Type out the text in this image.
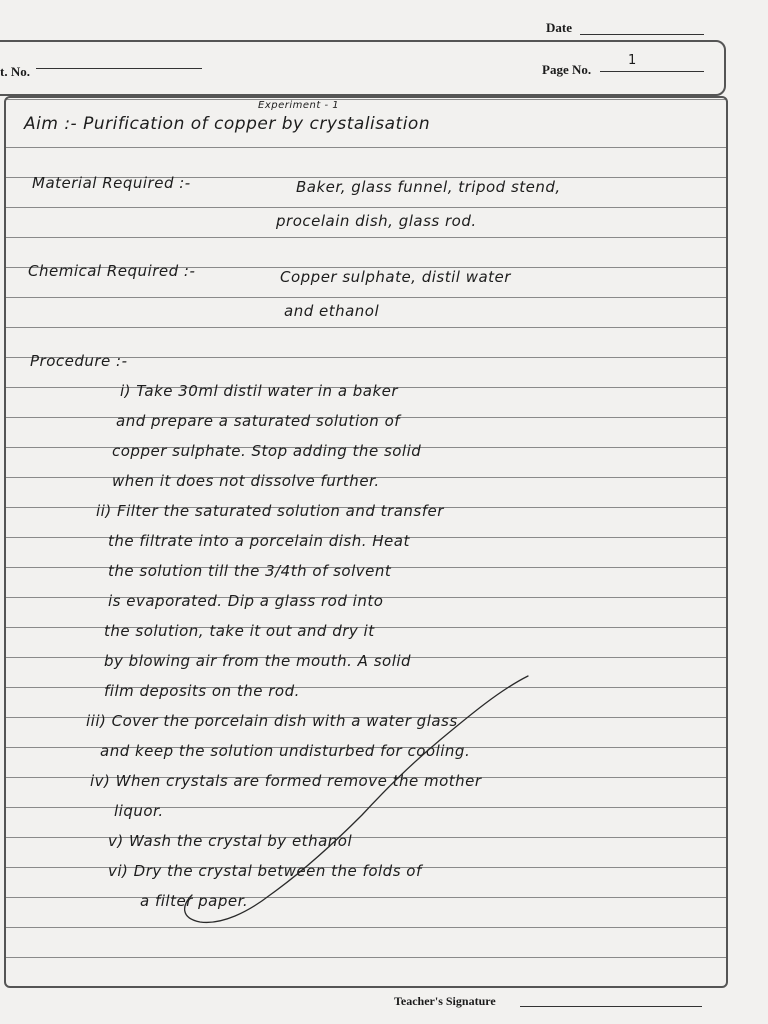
Date
t. No.	Page No.
1
Experiment - 1
Aim :- Purification of copper by crystalisation
Material Required :-	Baker, glass funnel, tripod stend,
procelain dish, glass rod.
Chemical Required :-	Copper sulphate, distil water
and ethanol
Procedure :-
i) Take 30ml distil water in a baker
and prepare a saturated solution of
copper sulphate. Stop adding the solid
when it does not dissolve further.
ii) Filter the saturated solution and transfer
the filtrate into a porcelain dish. Heat
the solution till the 3/4th of solvent
is evaporated. Dip a glass rod into
the solution, take it out and dry it
by blowing air from the mouth. A solid
film deposits on the rod.
iii) Cover the porcelain dish with a water glass
and keep the solution undisturbed for cooling.
iv) When crystals are formed remove the mother
liquor.
v) Wash the crystal by ethanol
vi) Dry the crystal between the folds of
a filter paper.
Teacher's Signature
